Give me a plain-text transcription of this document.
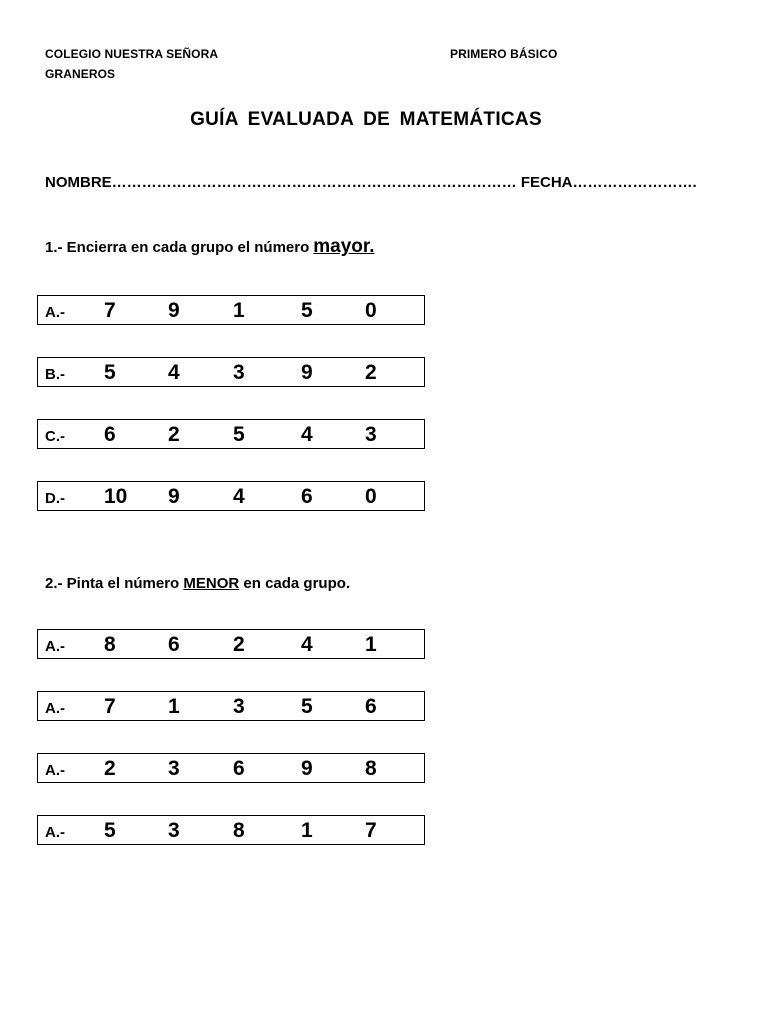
COLEGIO NUESTRA SEÑORA
GRANEROS
PRIMERO BÁSICO
GUÍA EVALUADA DE MATEMÁTICAS
NOMBRE……………………………………………………………………… FECHA…………………….
1.- Encierra en cada grupo el número mayor.
A.- 7 9	1	5 0
B.- 5 4	3	9 2
C.- 6 2	5	4 3
D.- 10 9	4	6 0
2.- Pinta el número MENOR en cada grupo.
A.- 8 6	2	4 1
A.- 7 1	3	5 6
A.- 2 3	6	9 8
A.- 5 3	8	1 7
